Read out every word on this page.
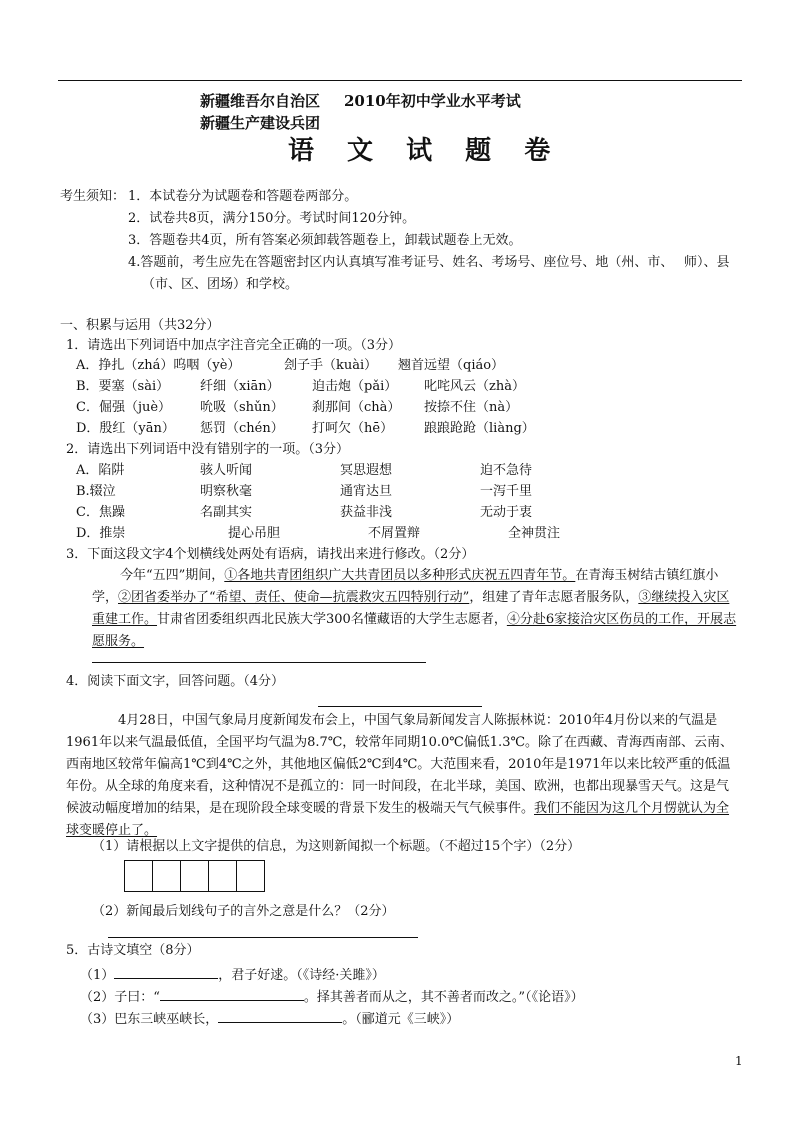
新疆维吾尔自治区 2010年初中学业水平考试
新疆生产建设兵团
语 文 试 题 卷
考生须知： 1．本试卷分为试题卷和答题卷两部分。
2．试卷共8页，满分150分。考试时间120分钟。
3．答题卷共4页，所有答案必须卸载答题卷上，卸载试题卷上无效。
4.答题前，考生应先在答题密封区内认真填写准考证号、姓名、考场号、座位号、地（州、市、　 师）、县
（市、区、团场）和学校。
一、积累与运用（共32分）
1．请选出下列词语中加点字注音完全正确的一项。（3分）
A．挣扎（zhá）呜咽（yè）	刽子手（kuài） 翘首远望（qiáo）
B．要塞（sài） 纤细（xiān） 迫击炮（pǎi） 叱咤风云（zhà）
C．倔强（juè） 吮吸（shǔn） 刹那间（chà） 按捺不住（nà）
D．殷红（yān） 惩罚（chén） 打呵欠（hē） 踉踉跄跄（liàng）
2．请选出下列词语中没有错别字的一项。（3分）
A．陷阱	骇人听闻	冥思遐想	迫不急待
B.辍泣	明察秋毫	通宵达旦	一泻千里
C．焦躁	名副其实	获益非浅	无动于衷
D．推崇	提心吊胆	不屑置辩	全神贯注
3．下面这段文字4个划横线处两处有语病，请找出来进行修改。（2分）
今年“五四”期间，①各地共青团组织广大共青团员以多种形式庆祝五四青年节。在青海玉树结古镇红旗小学，②团省委举办了“希望、责任、使命—抗震救灾五四特别行动”，组建了青年志愿者服务队，③继续投入灾区重建工作。甘肃省团委组织西北民族大学300名懂藏语的大学生志愿者，④分赴6家接洽灾区伤员的工作，开展志愿服务。
4．阅读下面文字，回答问题。（4分）
4月28日，中国气象局月度新闻发布会上，中国气象局新闻发言人陈振林说：2010年4月份以来的气温是1961年以来气温最低值，全国平均气温为8.7℃，较常年同期10.0℃偏低1.3℃。除了在西藏、青海西南部、云南、西南地区较常年偏高1℃到4℃之外，其他地区偏低2℃到4℃。大范围来看，2010年是1971年以来比较严重的低温年份。从全球的角度来看，这种情况不是孤立的：同一时间段，在北半球，美国、欧洲，也都出现暴雪天气。这是气候波动幅度增加的结果，是在现阶段全球变暖的背景下发生的极端天气气候事件。我们不能因为这几个月愣就认为全球变暖停止了。
（1）请根据以上文字提供的信息，为这则新闻拟一个标题。（不超过15个字）（2分）
（2）新闻最后划线句子的言外之意是什么？（2分）
5．古诗文填空（8分）
（1）	，君子好逑。（《诗经·关雎》）
（2）子曰：“	。择其善者而从之，其不善者而改之。”（《论语》）
（3）巴东三峡巫峡长，	。（郦道元《三峡》）
1
